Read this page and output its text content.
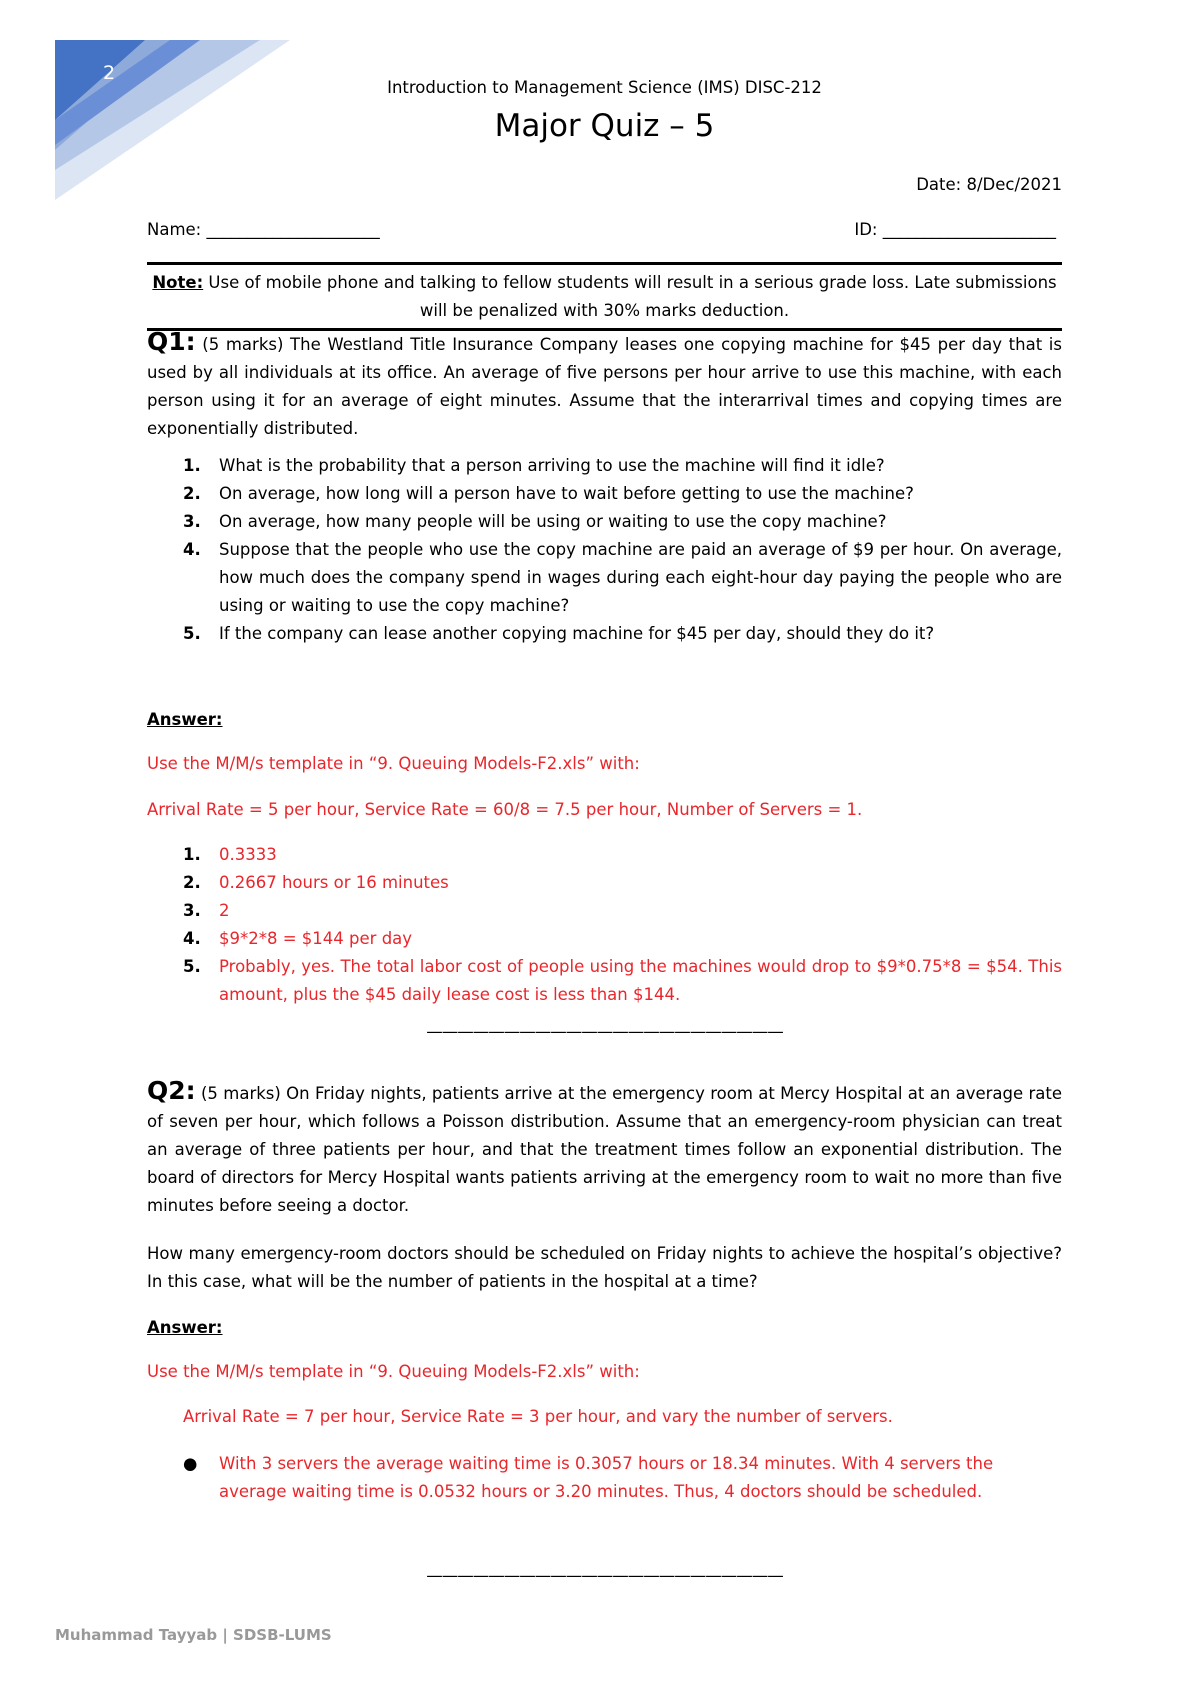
2
Introduction to Management Science (IMS) DISC-212
Major Quiz – 5
Date: 8/Dec/2021
Name: _____________________	ID: _____________________
Note: Use of mobile phone and talking to fellow students will result in a serious grade loss. Late submissions will be penalized with 30% marks deduction.
Q1: (5 marks) The Westland Title Insurance Company leases one copying machine for $45 per day that is used by all individuals at its office. An average of five persons per hour arrive to use this machine, with each person using it for an average of eight minutes. Assume that the interarrival times and copying times are exponentially distributed.
1. What is the probability that a person arriving to use the machine will find it idle?
2. On average, how long will a person have to wait before getting to use the machine?
3. On average, how many people will be using or waiting to use the copy machine?
4. Suppose that the people who use the copy machine are paid an average of $9 per hour. On average, how much does the company spend in wages during each eight-hour day paying the people who are using or waiting to use the copy machine?
5. If the company can lease another copying machine for $45 per day, should they do it?
Answer:
Use the M/M/s template in “9. Queuing Models-F2.xls” with:
Arrival Rate = 5 per hour, Service Rate = 60/8 = 7.5 per hour, Number of Servers = 1.
1. 0.3333
2. 0.2667 hours or 16 minutes
3. 2
4. $9*2*8 = $144 per day
5. Probably, yes. The total labor cost of people using the machines would drop to $9*0.75*8 = $54. This amount, plus the $45 daily lease cost is less than $144.
———————————————————————
Q2: (5 marks) On Friday nights, patients arrive at the emergency room at Mercy Hospital at an average rate of seven per hour, which follows a Poisson distribution. Assume that an emergency-room physician can treat an average of three patients per hour, and that the treatment times follow an exponential distribution. The board of directors for Mercy Hospital wants patients arriving at the emergency room to wait no more than five minutes before seeing a doctor.
How many emergency-room doctors should be scheduled on Friday nights to achieve the hospital’s objective? In this case, what will be the number of patients in the hospital at a time?
Answer:
Use the M/M/s template in “9. Queuing Models-F2.xls” with:
Arrival Rate = 7 per hour, Service Rate = 3 per hour, and vary the number of servers.
● With 3 servers the average waiting time is 0.3057 hours or 18.34 minutes. With 4 servers the average waiting time is 0.0532 hours or 3.20 minutes. Thus, 4 doctors should be scheduled.
———————————————————————
Muhammad Tayyab | SDSB-LUMS
